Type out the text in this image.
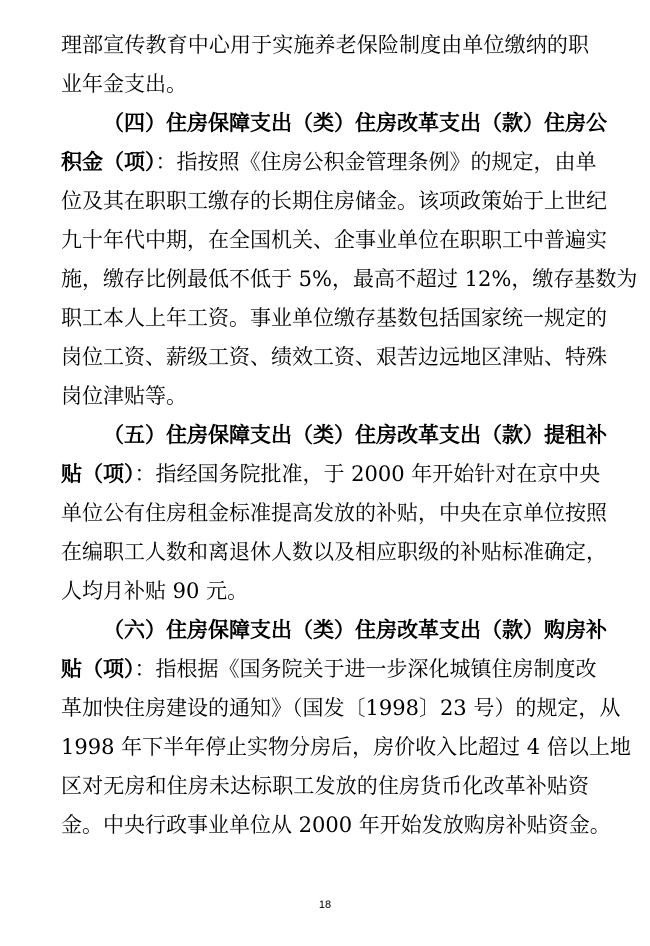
理部宣传教育中心用于实施养老保险制度由单位缴纳的职
业年金支出。
（四）住房保障支出（类）住房改革支出（款）住房公
积金（项）：指按照《住房公积金管理条例》的规定，由单
位及其在职职工缴存的长期住房储金。该项政策始于上世纪
九十年代中期，在全国机关、企事业单位在职职工中普遍实
施，缴存比例最低不低于 5%，最高不超过 12%，缴存基数为
职工本人上年工资。事业单位缴存基数包括国家统一规定的
岗位工资、薪级工资、绩效工资、艰苦边远地区津贴、特殊
岗位津贴等。
（五）住房保障支出（类）住房改革支出（款）提租补
贴（项）：指经国务院批准，于 2000 年开始针对在京中央
单位公有住房租金标准提高发放的补贴，中央在京单位按照
在编职工人数和离退休人数以及相应职级的补贴标准确定，
人均月补贴 90 元。
（六）住房保障支出（类）住房改革支出（款）购房补
贴（项）：指根据《国务院关于进一步深化城镇住房制度改
革加快住房建设的通知》（国发〔1998〕23 号）的规定，从
1998 年下半年停止实物分房后，房价收入比超过 4 倍以上地
区对无房和住房未达标职工发放的住房货币化改革补贴资
金。中央行政事业单位从 2000 年开始发放购房补贴资金。
18
